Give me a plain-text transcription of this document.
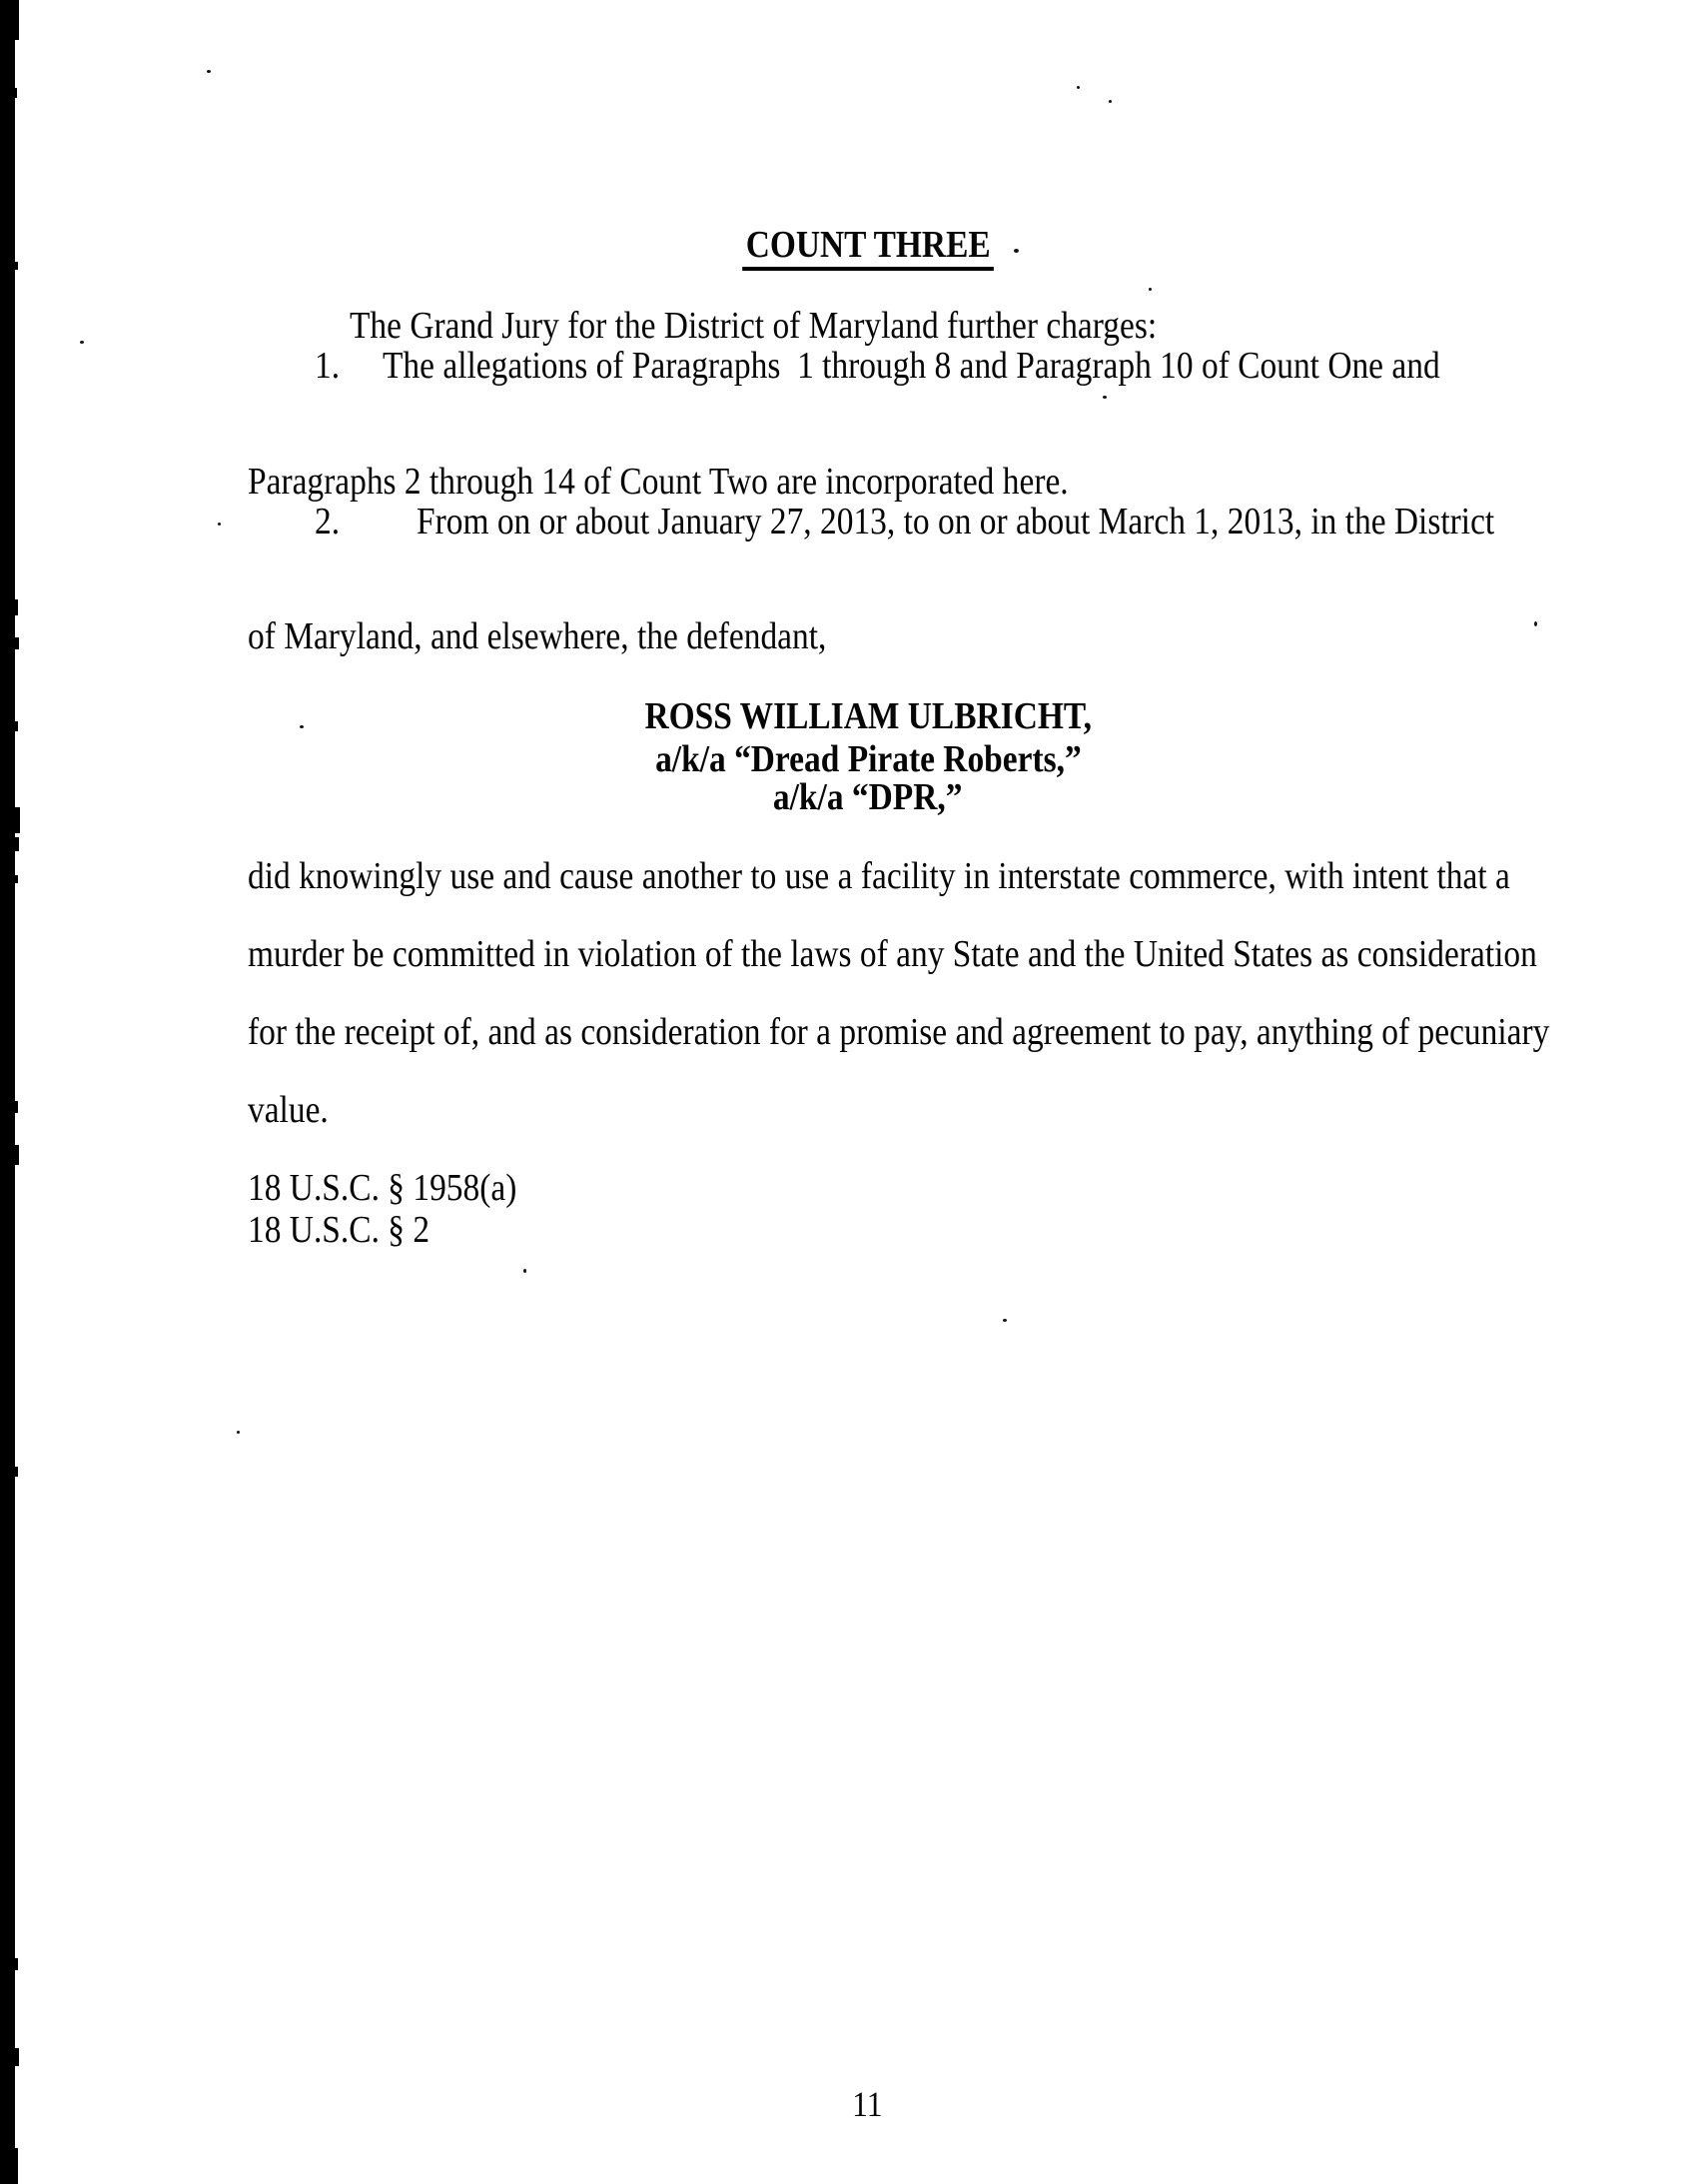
COUNT THREE

The Grand Jury for the District of Maryland further charges:

1.

The allegations of Paragraphs  1 through 8 and Paragraph 10 of Count One and

Paragraphs 2 through 14 of Count Two are incorporated here.

2.

From on or about January 27, 2013, to on or about March 1, 2013, in the District

of Maryland, and elsewhere, the defendant,

ROSS WILLIAM ULBRICHT,

a/k/a “Dread Pirate Roberts,”

a/k/a “DPR,”

did knowingly use and cause another to use a facility in interstate commerce, with intent that a

murder be committed in violation of the laws of any State and the United States as consideration

for the receipt of, and as consideration for a promise and agreement to pay, anything of pecuniary

value.

18 U.S.C. § 1958(a)

18 U.S.C. § 2

11
